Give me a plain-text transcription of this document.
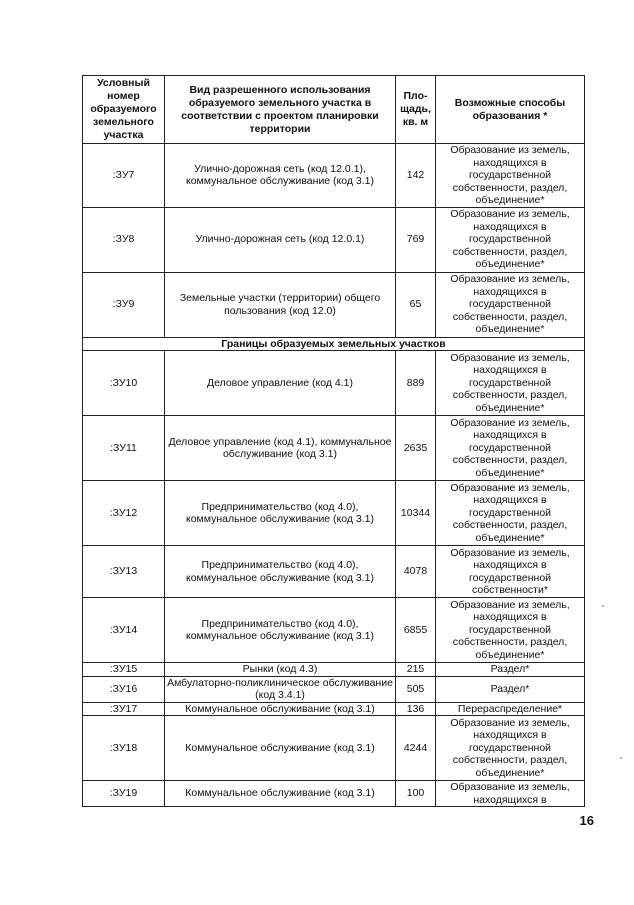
Условный номер образуемого земельного участка	Вид разрешенного использования образуемого земельного участка в соответствии с проектом планировки территории	Пло-щадь, кв. м	Возможные способы образования *
:ЗУ7	Улично-дорожная сеть (код 12.0.1), коммунальное обслуживание (код 3.1)	142	Образование из земель, находящихся в государственной собственности, раздел, объединение*
:ЗУ8	Улично-дорожная сеть (код 12.0.1)	769	Образование из земель, находящихся в государственной собственности, раздел, объединение*
:ЗУ9	Земельные участки (территории) общего пользования (код 12.0)	65	Образование из земель, находящихся в государственной собственности, раздел, объединение*
Границы образуемых земельных участков			
:ЗУ10	Деловое управление (код 4.1)	889	Образование из земель, находящихся в государственной собственности, раздел, объединение*
:ЗУ11	Деловое управление (код 4.1), коммунальное обслуживание (код 3.1)	2635	Образование из земель, находящихся в государственной собственности, раздел, объединение*
:ЗУ12	Предпринимательство (код 4.0), коммунальное обслуживание (код 3.1)	10344	Образование из земель, находящихся в государственной собственности, раздел, объединение*
:ЗУ13	Предпринимательство (код 4.0), коммунальное обслуживание (код 3.1)	4078	Образование из земель, находящихся в государственной собственности*
:ЗУ14	Предпринимательство (код 4.0), коммунальное обслуживание (код 3.1)	6855	Образование из земель, находящихся в государственной собственности, раздел, объединение*
:ЗУ15	Рынки (код 4.3)	215	Раздел*
:ЗУ16	Амбулаторно-поликлиническое обслуживание (код 3.4.1)	505	Раздел*
:ЗУ17	Коммунальное обслуживание (код 3.1)	136	Перераспределение*
:ЗУ18	Коммунальное обслуживание (код 3.1)	4244	Образование из земель, находящихся в государственной собственности, раздел, объединение*
:ЗУ19	Коммунальное обслуживание (код 3.1)	100	Образование из земель, находящихся в
16
